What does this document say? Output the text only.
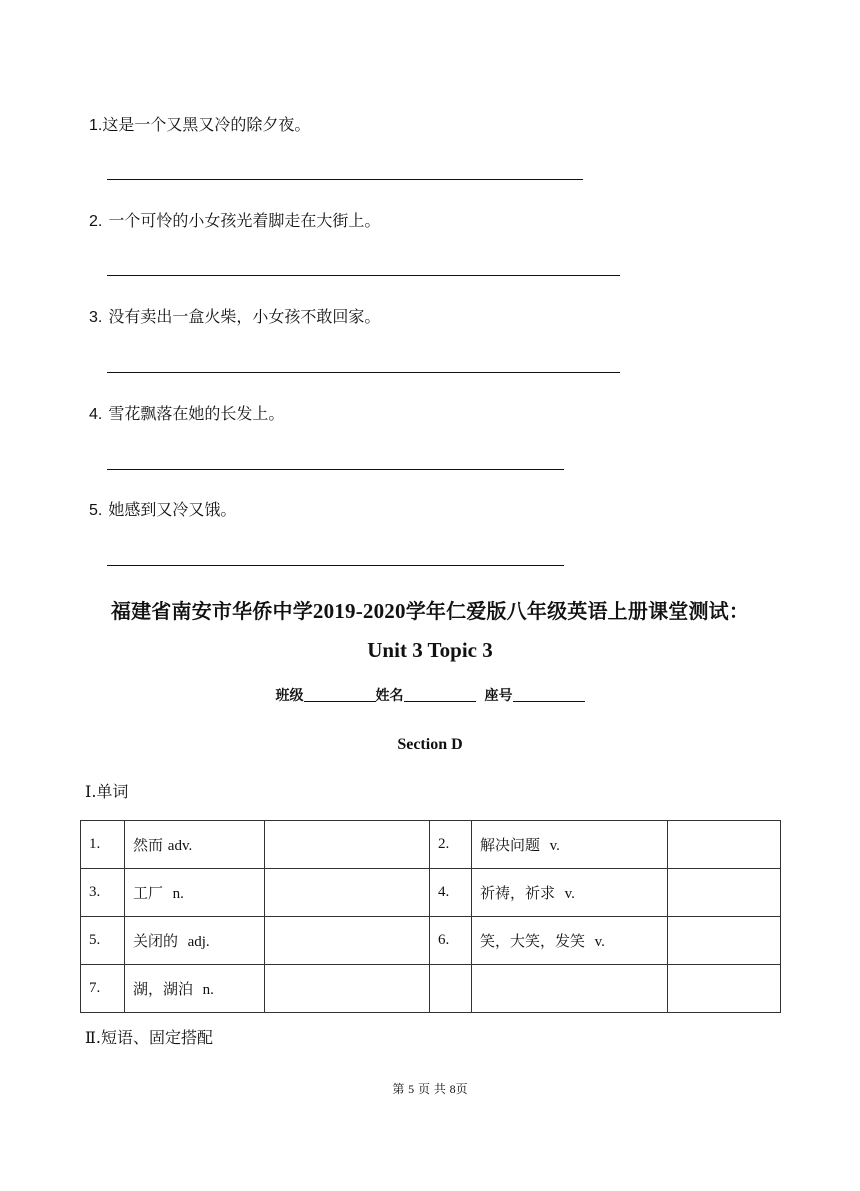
1.这是一个又黑又冷的除夕夜。
2. 一个可怜的小女孩光着脚走在大街上。
3. 没有卖出一盒火柴，小女孩不敢回家。
4. 雪花飘落在她的长发上。
5. 她感到又冷又饿。
福建省南安市华侨中学2019-2020学年仁爱版八年级英语上册课堂测试：
Unit 3 Topic 3
班级	姓名	座号
Section D
Ⅰ.单词
1.	然而 adv.		2.	解决问题 v.	
3.	工厂 n.		4.	祈祷，祈求 v.	
5.	关闭的 adj.		6.	笑，大笑，发笑 v.	
7.	湖，湖泊 n.				
Ⅱ.短语、固定搭配
第 5 页 共 8页
